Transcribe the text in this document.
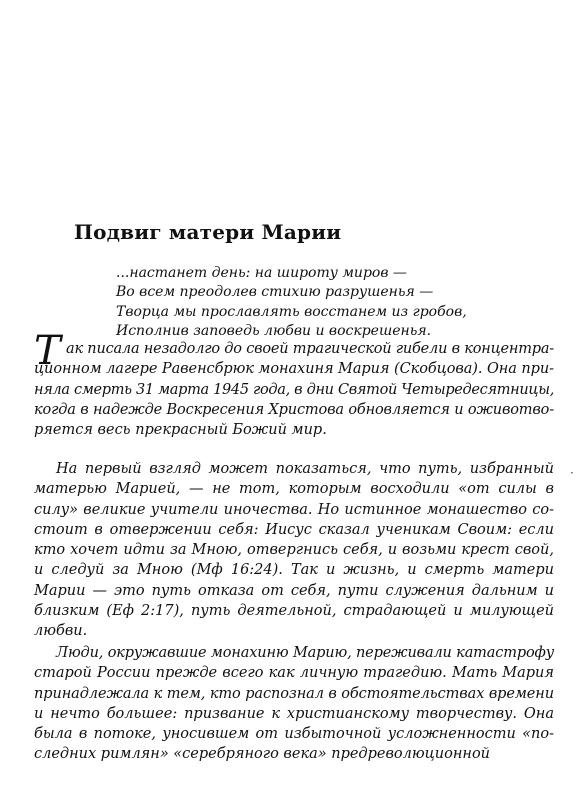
Подвиг матери Марии
...настанет день: на широту миров —
Во всем преодолев стихию разрушенья —
Творца мы прославлять восстанем из гробов,
Исполнив заповедь любви и воскрешенья.
Т ак писала незадолго до своей трагической гибели в концентра-
ционном лагере Равенсбрюк монахиня Мария (Скобцова). Она при-
няла смерть 31 марта 1945 года, в дни Святой Четыредесятницы,
когда в надежде Воскресения Христова обновляется и оживотво-
ряется весь прекрасный Божий мир.
На первый взгляд может показаться, что путь, избранный
матерью Марией, — не тот, которым восходили «от силы в
силу» великие учители иночества. Но истинное монашество со-
стоит в отвержении себя: Иисус сказал ученикам Своим: если
кто хочет идти за Мною, отвергнись себя, и возьми крест свой,
и следуй за Мною (Мф 16:24). Так и жизнь, и смерть матери
Марии — это путь отказа от себя, пути служения дальним и
близким (Еф 2:17), путь деятельной, страдающей и милующей
любви.
Люди, окружавшие монахиню Марию, переживали катастрофу
старой России прежде всего как личную трагедию. Мать Мария
принадлежала к тем, кто распознал в обстоятельствах времени
и нечто большее: призвание к христианскому творчеству. Она
была в потоке, уносившем от избыточной усложненности «по-
следних римлян» «серебряного века» предреволюционной
·
